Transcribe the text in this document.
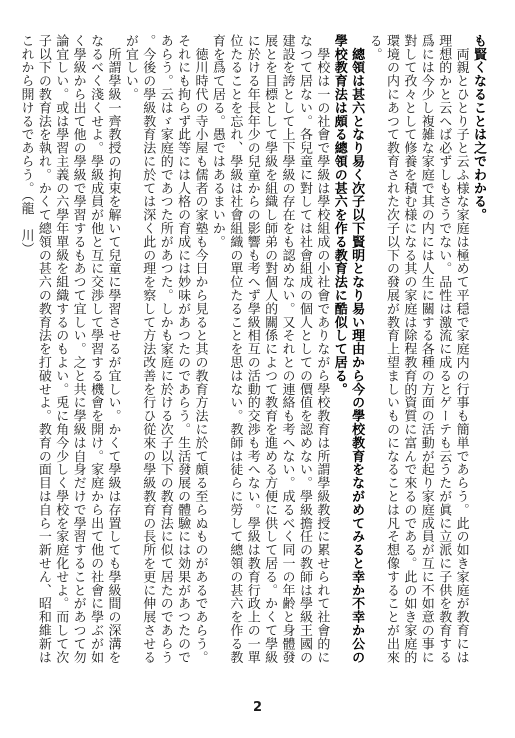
も賢くなることは之でわかる。

両親とひとり子と云ふ様な家庭は極めて平穏で家庭内の行事も簡単であらう。此の如き家庭が教育には理想的かと云へば必ずしもさうでない。品性は激流に成るとゲーテも云うたが眞に立派に子供を教育する爲には今少し複雑な家庭で其の内には人生に關する各種の方面の活動が起り家庭成員が互に不如意の事に對して孜々として修養を積む様になる其の家庭は除程教育的資質に富んで來るのである。此の如き家庭的環境の内にあつて教育された次子以下の發展が教育上望ましいものになることは凡そ想像することが出來る。

總領は甚六となり易く次子以下賢明となり易い理由から今の學校教育をながめてみると幸か不幸か公の學校教育法は頗る總領の甚六を作る教育法に酷似して居る。

學校は一の社會で學級は學校組成の小社會でありながら學校教育は所謂學級教授に累せられて社會的になつて居ない。各兒童に對しては社會組成の個人としての價值を認めない。學級擔任の教師は學級王國の建設を誇として上下學級の存在をも認めない。又それとの連絡も考へない。成るべく同一の年齢と身體發展とを目標として學級を組織し師弟の對個人的關係によつて教育を進める方便に供して居る。かくて學級に於ける年長年少の兒童からの影響も考へず學級相互の活動的交渉も考へない。學級は教育行政上の一單位たることを忘れ、學級は社會組織の單位たることを思はない。教師は徒らに勞して總領の甚六を作る教育を爲て居る。愚ではあるまいか。

徳川時代の寺小屋も儒者の家塾も今日から見ると其の教育方法に於て頗る至らぬものがあるであらう。それにも拘らず此等には人格の育成には妙味があつたのであらう。生活發展の體驗には効果があつたのであらう。云はゞ家庭的であつた所があつた。しかも家庭に於ける次子以下の教育法に似て居たのであらう。今後の學級教育法に於ては深く此の理を察して方法改善を行ひ從來の學級教育の長所を更に伸展させるが宜しい。

所謂學級一齊教授の拘束を解いて兒童に學習させるが宜しい。かくて學級は存置しても學級間の深溝をなるべく淺くせよ。學級成員が他と互に交渉して學習する機會を開け。家庭から出て他の社會に學ぶが如く學級から出て他の學級で學習するもあつて宜しい。之と共に學級は自身だけで學習することがあつて勿論宜しい。或は學習主義の六學年單級を組織するのもよい。兎に角今少しく學校を家庭化せよ。而して次子以下の教育法を執れ。かくて總領の甚六の教育法を打破せよ。教育の面目は自ら一新せん、昭和維新はこれから開けるであらう。（龍　川）

2
